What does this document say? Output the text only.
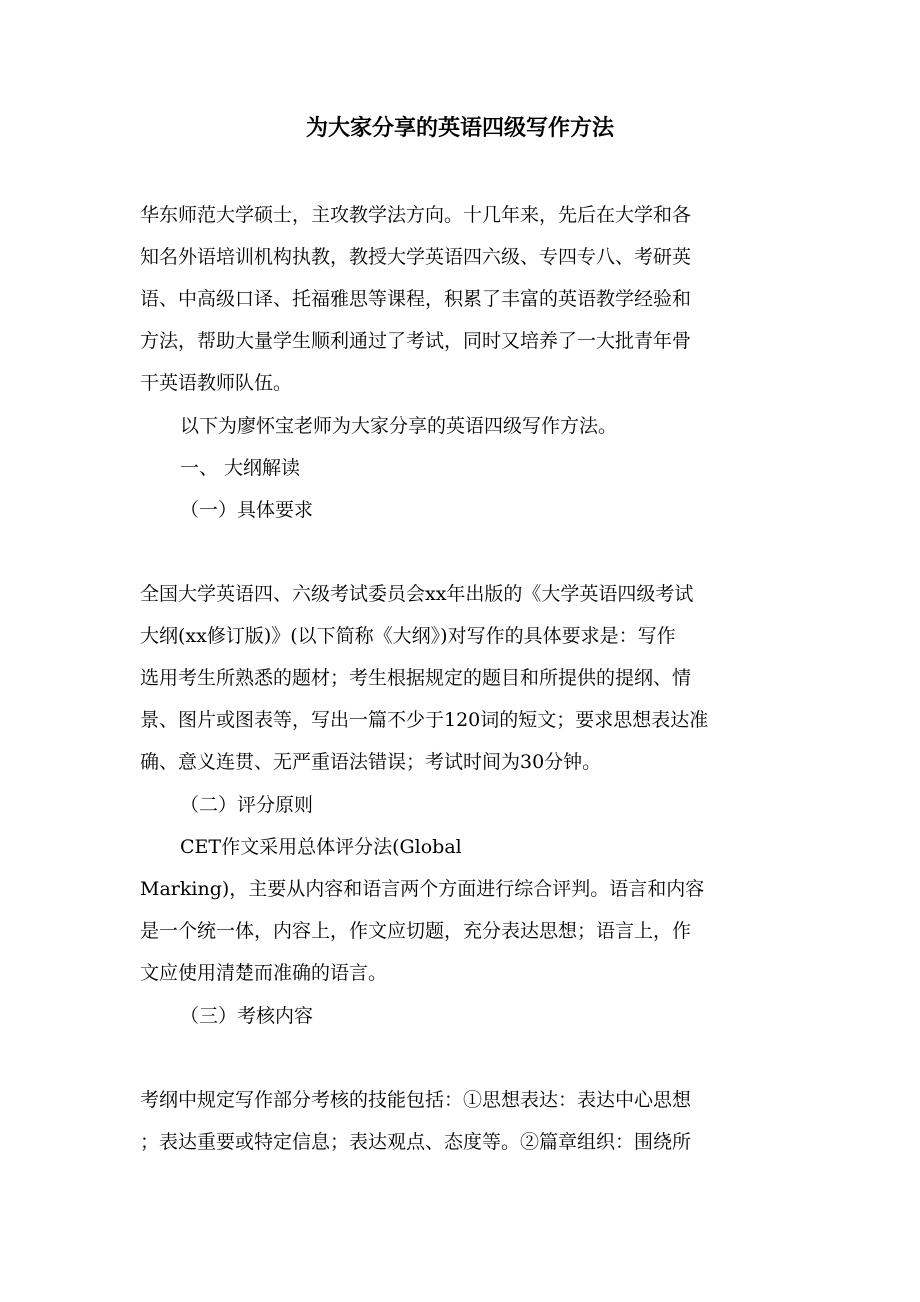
为大家分享的英语四级写作方法
华东师范大学硕士，主攻教学法方向。十几年来，先后在大学和各
知名外语培训机构执教，教授大学英语四六级、专四专八、考研英
语、中高级口译、托福雅思等课程，积累了丰富的英语教学经验和
方法，帮助大量学生顺利通过了考试，同时又培养了一大批青年骨
干英语教师队伍。
以下为廖怀宝老师为大家分享的英语四级写作方法。
一、 大纲解读
（一）具体要求
全国大学英语四、六级考试委员会xx年出版的《大学英语四级考试
大纲(xx修订版)》(以下简称《大纲》)对写作的具体要求是：写作
选用考生所熟悉的题材；考生根据规定的题目和所提供的提纲、情
景、图片或图表等，写出一篇不少于120词的短文；要求思想表达准
确、意义连贯、无严重语法错误；考试时间为30分钟。
（二）评分原则
CET作文采用总体评分法(Global
Marking)，主要从内容和语言两个方面进行综合评判。语言和内容
是一个统一体，内容上，作文应切题，充分表达思想；语言上，作
文应使用清楚而准确的语言。
（三）考核内容
考纲中规定写作部分考核的技能包括：①思想表达：表达中心思想
；表达重要或特定信息；表达观点、态度等。②篇章组织：围绕所
